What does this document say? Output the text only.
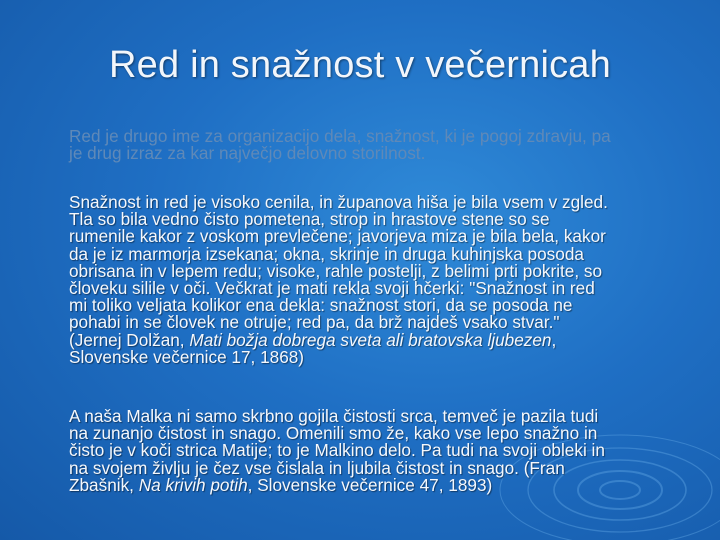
Red in snažnost v večernicah

Red je drugo ime za organizacijo dela, snažnost, ki je pogoj zdravju, pa
je drug izraz za kar največjo delovno storilnost.

Snažnost in red je visoko cenila, in županova hiša je bila vsem v zgled.
Tla so bila vedno čisto pometena, strop in hrastove stene so se
rumenile kakor z voskom prevlečene; javorjeva miza je bila bela, kakor
da je iz marmorja izsekana; okna, skrinje in druga kuhinjska posoda
obrisana in v lepem redu; visoke, rahle postelji, z belimi prti pokrite, so
človeku silile v oči. Večkrat je mati rekla svoji hčerki: "Snažnost in red
mi toliko veljata kolikor ena dekla: snažnost stori, da se posoda ne
pohabi in se človek ne otruje; red pa, da brž najdeš vsako stvar."
(Jernej Dolžan, Mati božja dobrega sveta ali bratovska ljubezen,
Slovenske večernice 17, 1868)

A naša Malka ni samo skrbno gojila čistosti srca, temveč je pazila tudi
na zunanjo čistost in snago. Omenili smo že, kako vse lepo snažno in
čisto je v koči strica Matije; to je Malkino delo. Pa tudi na svoji obleki in
na svojem življu je čez vse čislala in ljubila čistost in snago. (Fran
Zbašnik, Na krivih potih, Slovenske večernice 47, 1893)
